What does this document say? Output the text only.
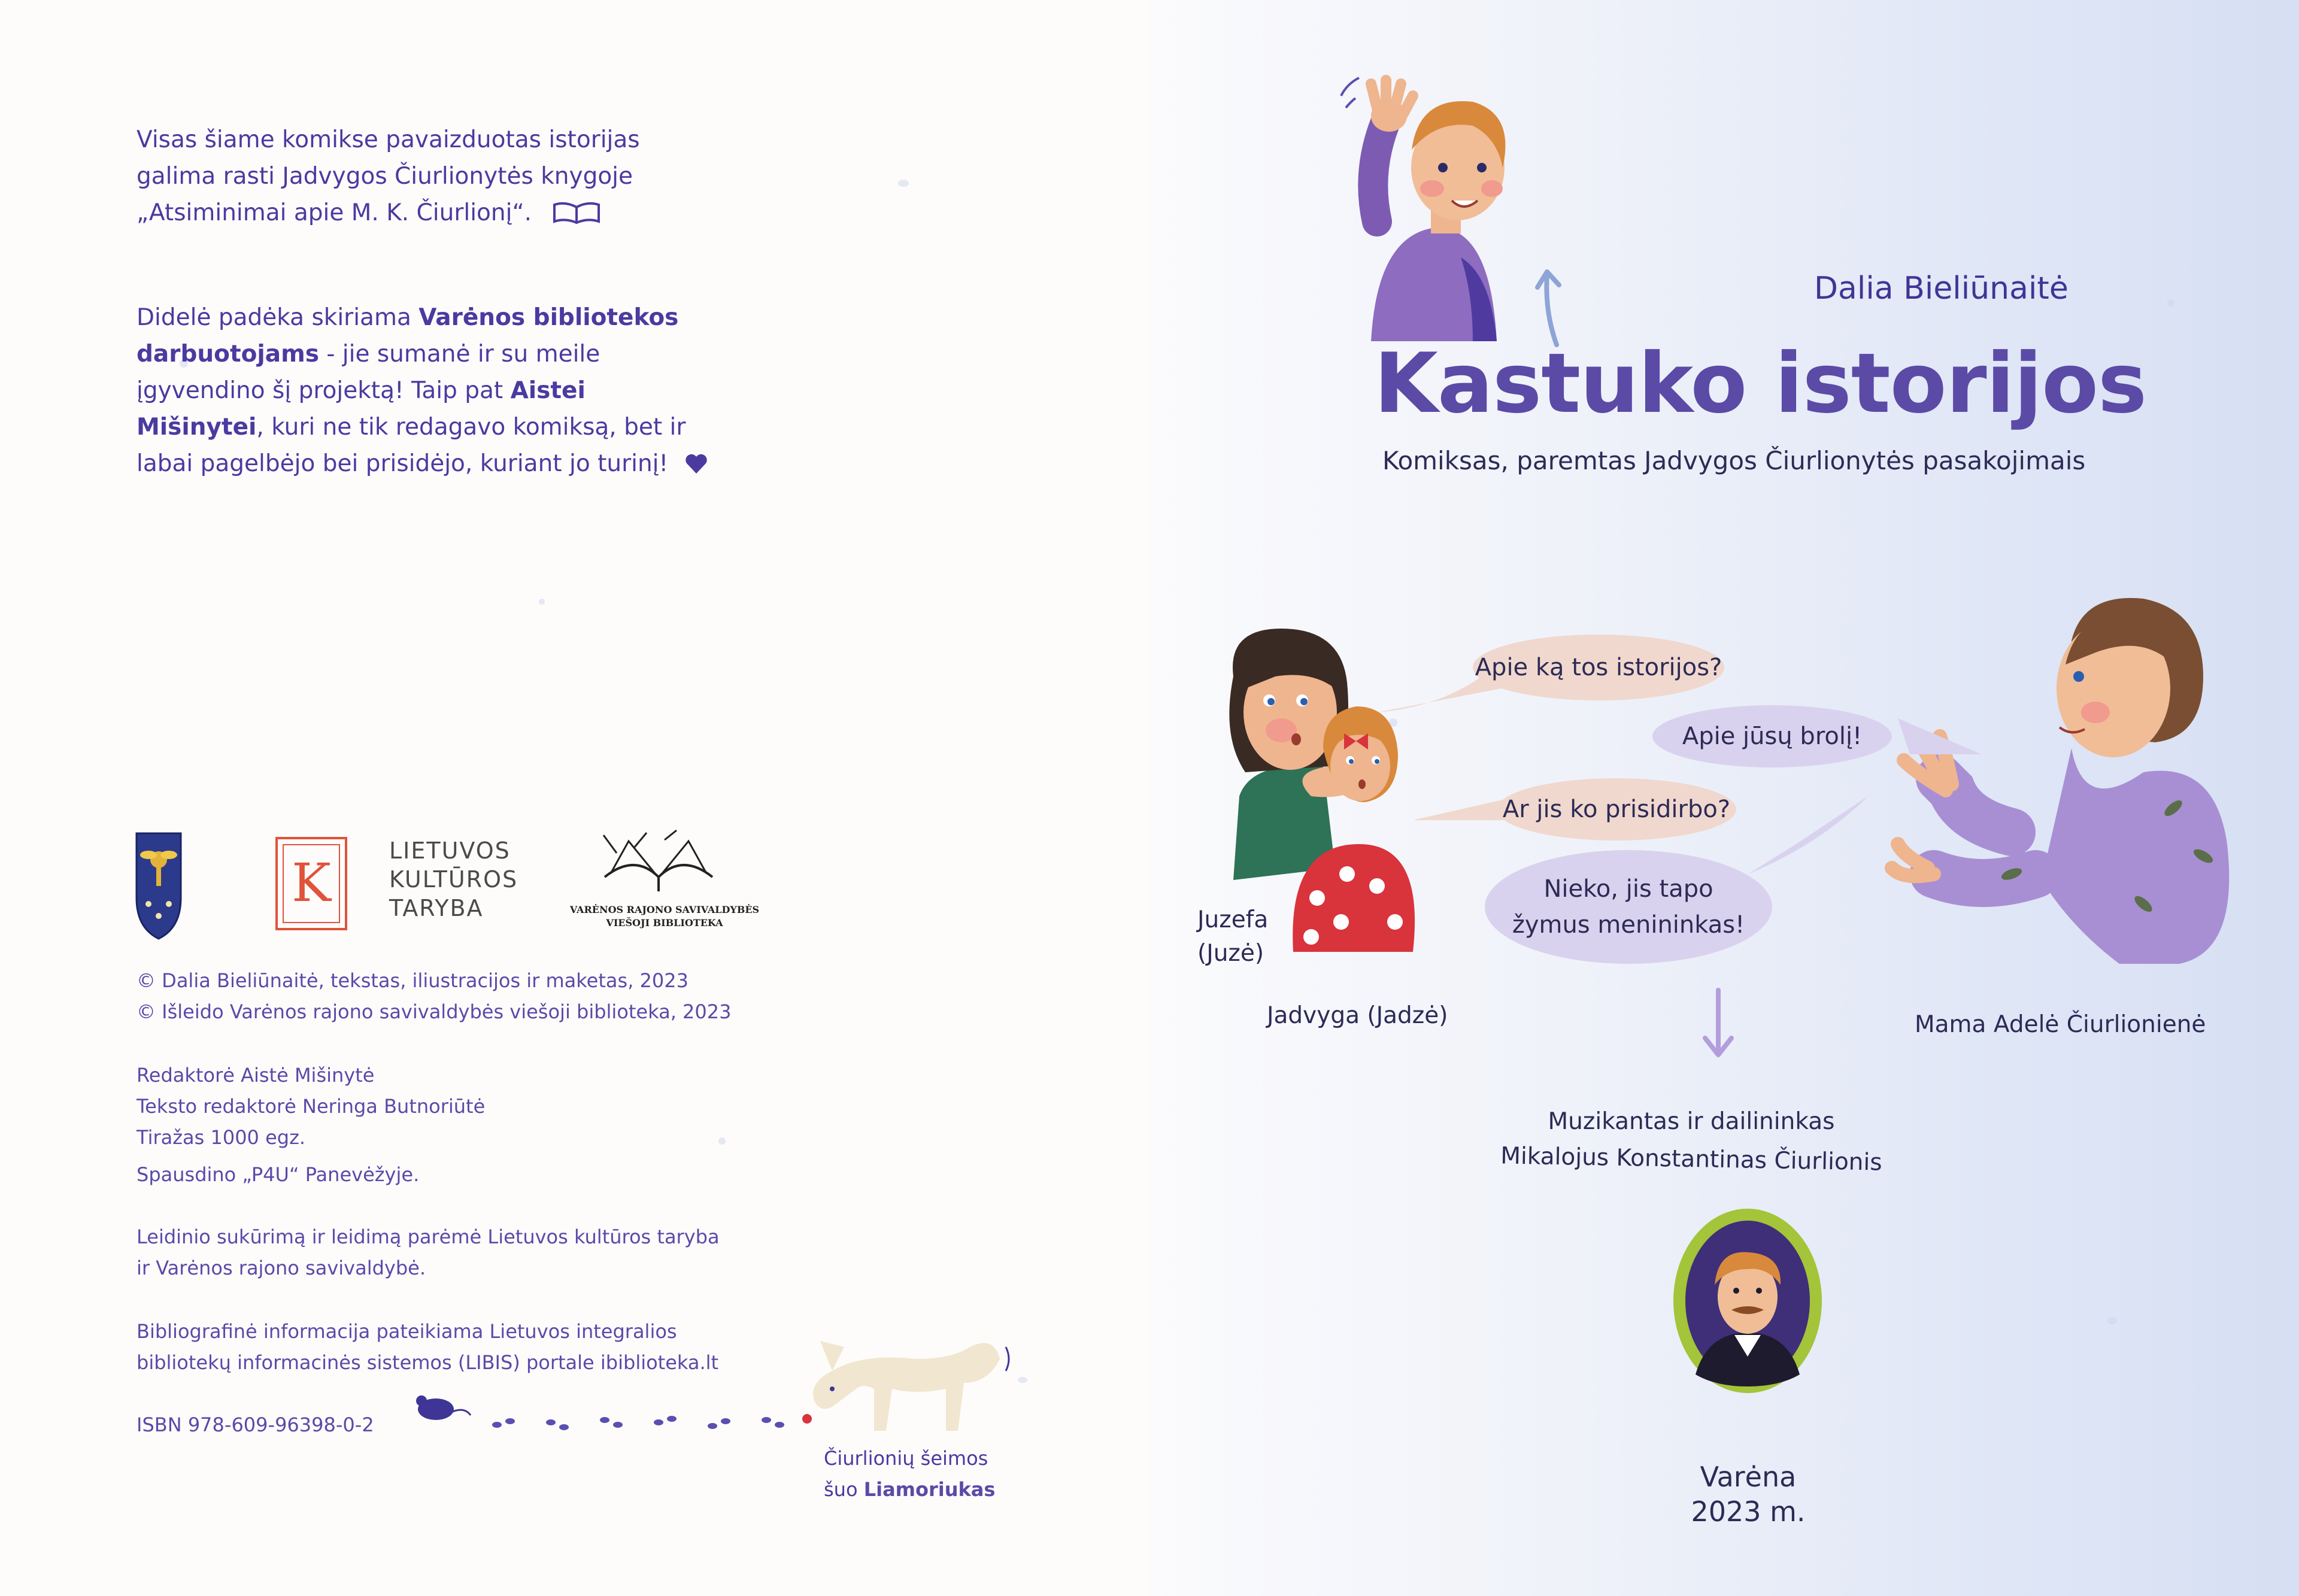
Visas šiame komikse pavaizduotas istorijas

galima rasti Jadvygos Čiurlionytės knygoje

„Atsiminimai apie M. K. Čiurlionį“.

Didelė padėka skiriama Varėnos bibliotekos

darbuotojams - jie sumanė ir su meile

įgyvendino šį projektą! Taip pat Aistei

Mišinytei, kuri ne tik redagavo komiksą, bet ir

labai pagelbėjo bei prisidėjo, kuriant jo turinį!

K

LIETUVOS

KULTŪROS

TARYBA	VARĖNOS RAJONO SAVIVALDYBĖS

VIEŠOJI BIBLIOTEKA

© Dalia Bieliūnaitė, tekstas, iliustracijos ir maketas, 2023

© Išleido Varėnos rajono savivaldybės viešoji biblioteka, 2023

Redaktorė Aistė Mišinytė

Teksto redaktorė Neringa Butnoriūtė

Tiražas 1000 egz.

Spausdino „P4U“ Panevėžyje.

Leidinio sukūrimą ir leidimą parėmė Lietuvos kultūros taryba

ir Varėnos rajono savivaldybė.

Bibliografinė informacija pateikiama Lietuvos integralios

bibliotekų informacinės sistemos (LIBIS) portale ibiblioteka.lt

ISBN 978-609-96398-0-2

Čiurlionių šeimos

šuo Liamoriukas

Dalia Bieliūnaitė

Kastuko istorijos

Komiksas, paremtas Jadvygos Čiurlionytės pasakojimais

Apie ką tos istorijos?
Apie jūsų brolį!
Ar jis ko prisidirbo?
Nieko, jis tapo
žymus menininkas!

Juzefa

(Juzė)

Jadvyga (Jadzė)	Mama Adelė Čiurlionienė

Muzikantas ir dailininkas

Mikalojus Konstantinas Čiurlionis

Varėna

2023 m.
